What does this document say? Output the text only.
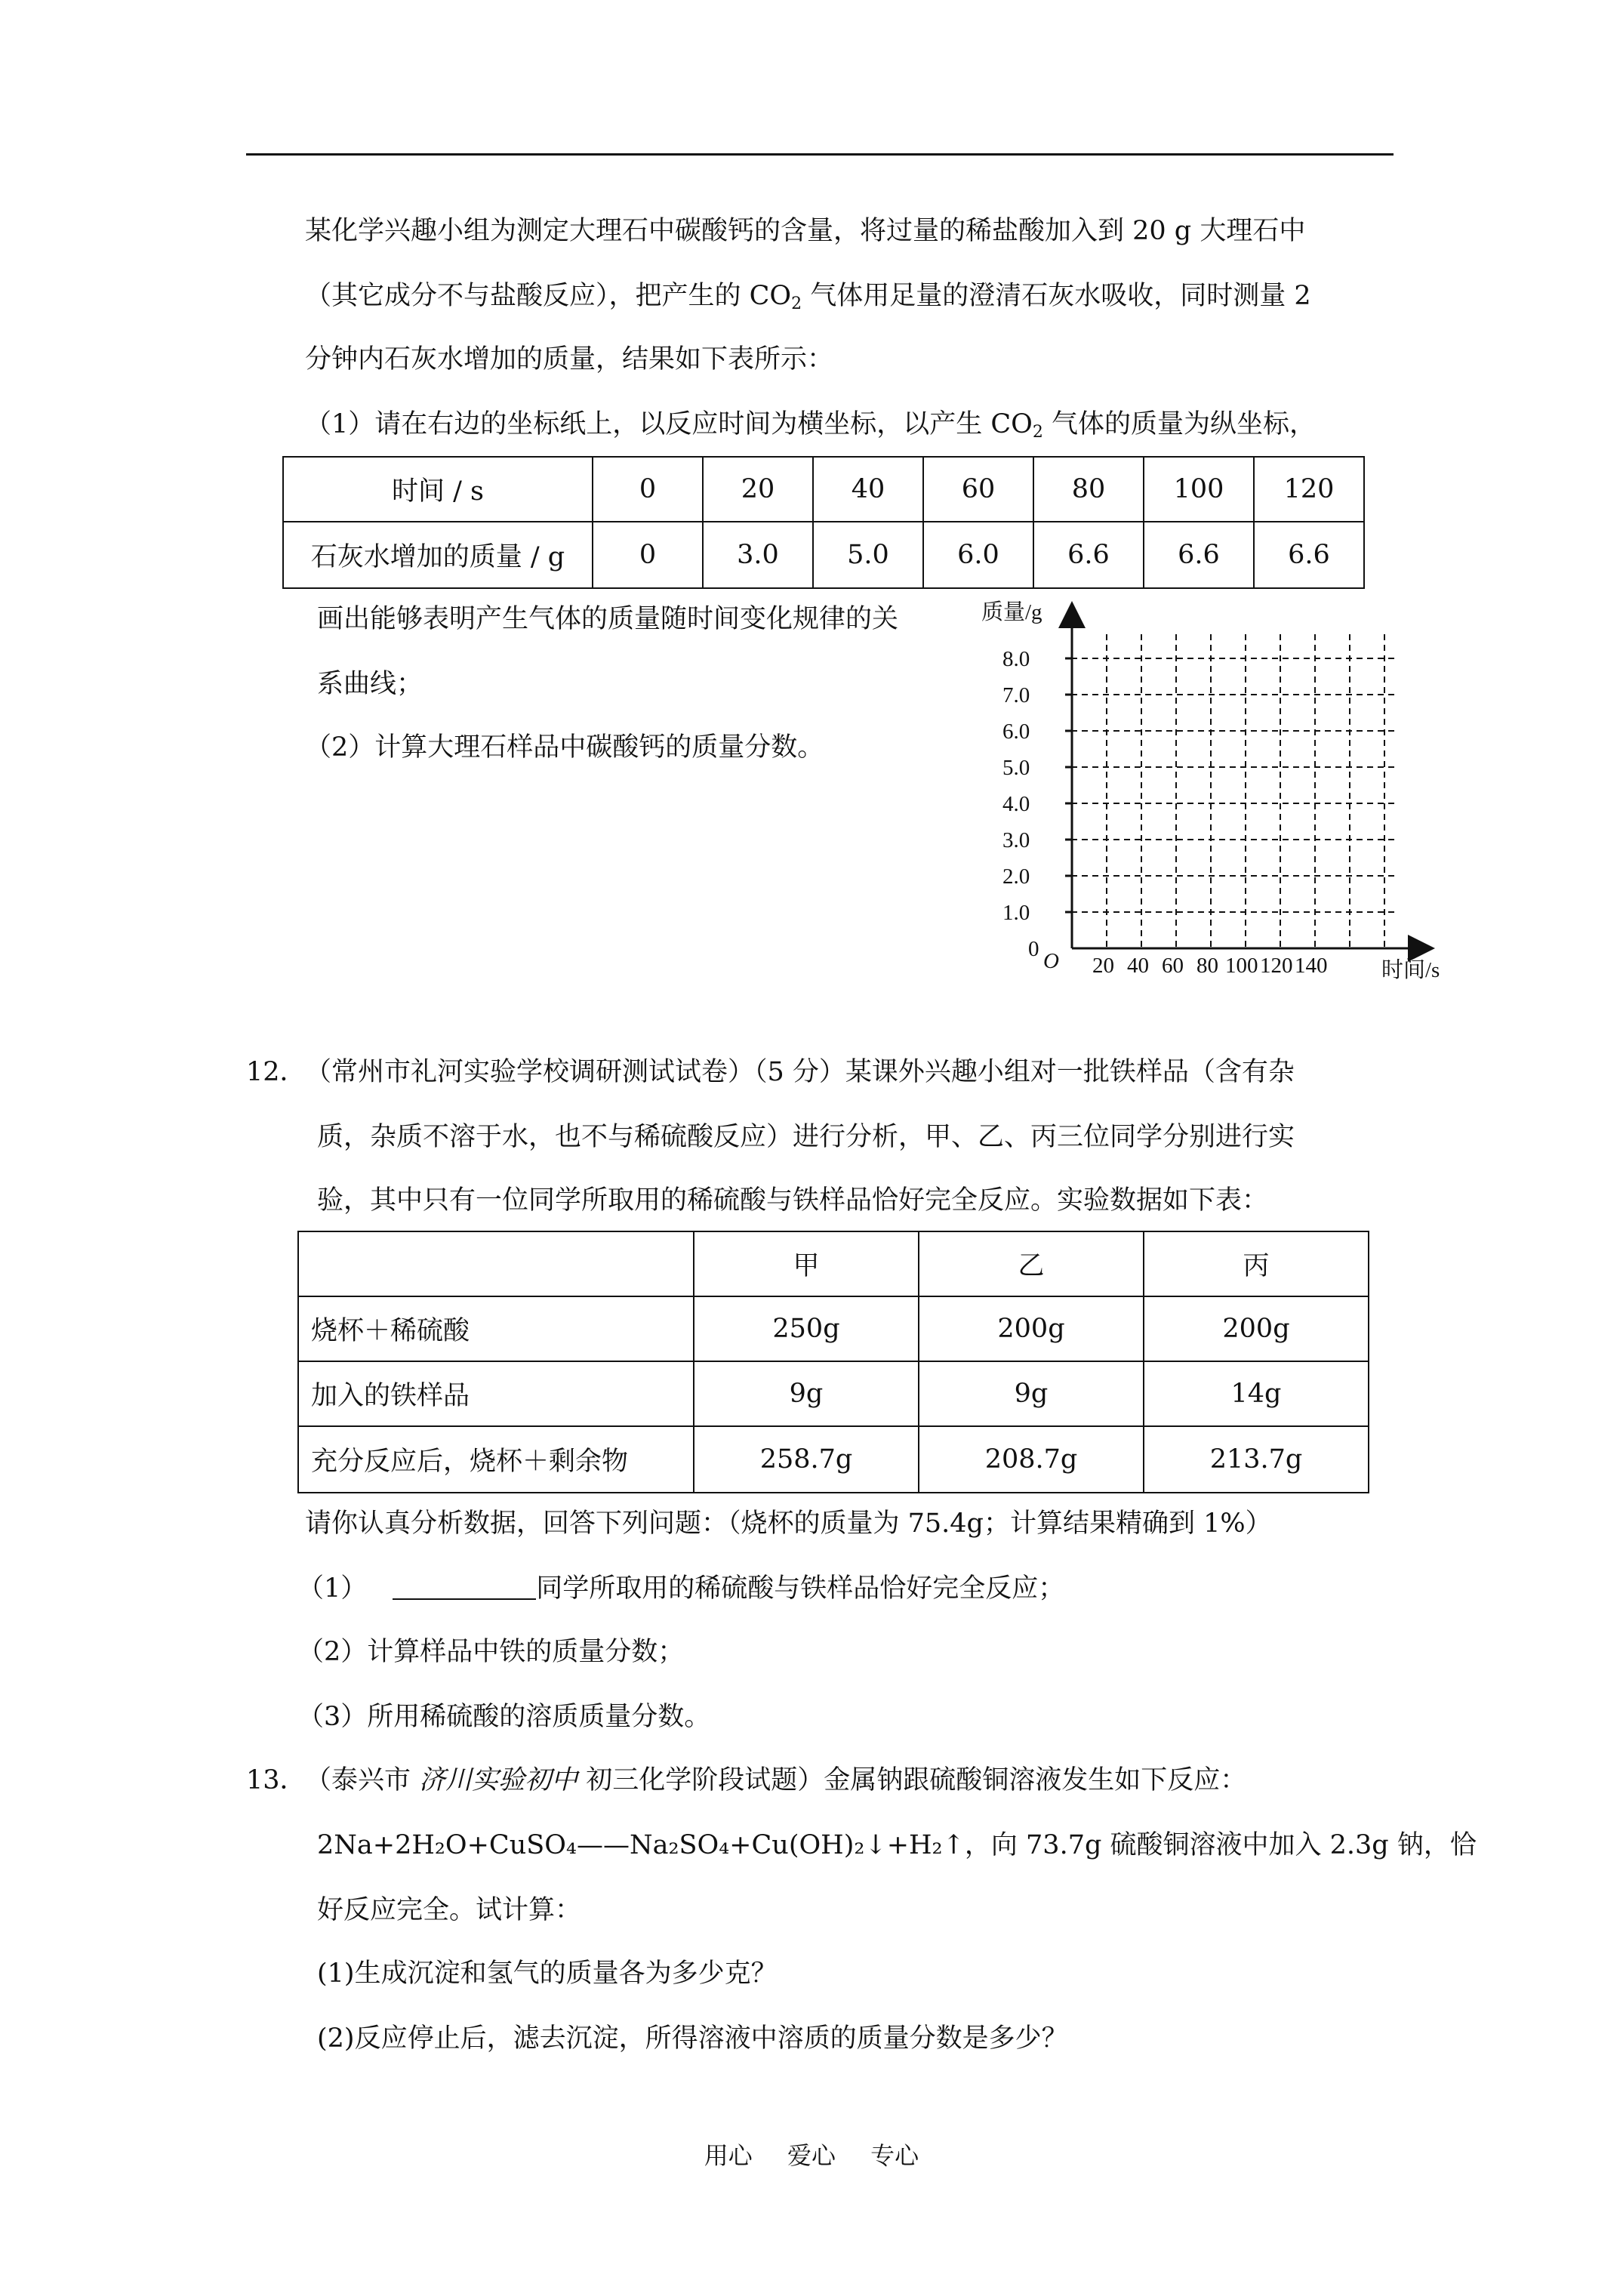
某化学兴趣小组为测定大理石中碳酸钙的含量，将过量的稀盐酸加入到 20 g 大理石中
（其它成分不与盐酸反应），把产生的 $CO_2$ 气体用足量的澄清石灰水吸收，同时测量 2
分钟内石灰水增加的质量，结果如下表所示：
（1）请在右边的坐标纸上，以反应时间为横坐标，以产生 $CO_2$ 气体的质量为纵坐标，
时间 / s	0	20	40	60	80	100	120
石灰水增加的质量 / g	0	3.0	5.0	6.0	6.6	6.6	6.6
画出能够表明产生气体的质量随时间变化规律的关
系曲线；
（2）计算大理石样品中碳酸钙的质量分数。
质量/g
8.0
7.0
6.0
5.0
4.0
3.0
2.0
1.0
0 O 20 40 60 80 100 120 140 时间/s
12．
（常州市礼河实验学校调研测试试卷）（5 分）某课外兴趣小组对一批铁样品（含有杂
质，杂质不溶于水，也不与稀硫酸反应）进行分析，甲、乙、丙三位同学分别进行实
验，其中只有一位同学所取用的稀硫酸与铁样品恰好完全反应。实验数据如下表：
	甲	乙	丙
烧杯＋稀硫酸	250g	200g	200g
加入的铁样品	9g	9g	14g
充分反应后，烧杯＋剩余物	258.7g	208.7g	213.7g
请你认真分析数据，回答下列问题：（烧杯的质量为 75.4g；计算结果精确到 1%）
（1）	同学所取用的稀硫酸与铁样品恰好完全反应；
（2）计算样品中铁的质量分数；
（3）所用稀硫酸的溶质质量分数。
13．
（泰兴市 济川实验初中 初三化学阶段试题）金属钠跟硫酸铜溶液发生如下反应：
2Na+2H₂O+CuSO₄——Na₂SO₄+Cu(OH)₂↓+H₂↑，向 73.7g 硫酸铜溶液中加入 2.3g 钠，恰
好反应完全。试计算：
(1)生成沉淀和氢气的质量各为多少克？
(2)反应停止后，滤去沉淀，所得溶液中溶质的质量分数是多少？
用心 爱心 专心
